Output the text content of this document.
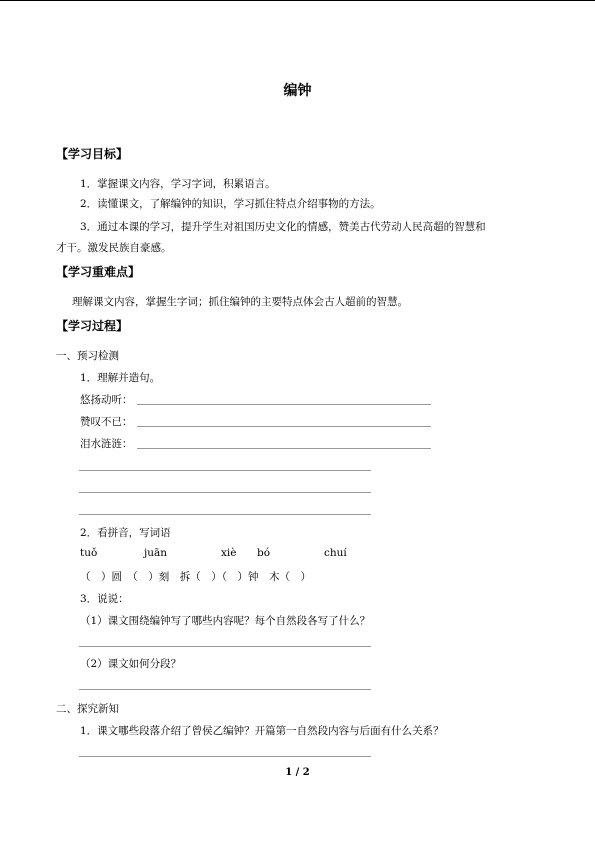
编钟
【学习目标】
1．掌握课文内容，学习字词，积累语言。
2．读懂课文，了解编钟的知识，学习抓住特点介绍事物的方法。
3．通过本课的学习，提升学生对祖国历史文化的情感，赞美古代劳动人民高超的智慧和
才干。激发民族自豪感。
【学习重难点】
理解课文内容，掌握生字词；抓住编钟的主要特点体会古人超前的智慧。
【学习过程】
一、预习检测
1．理解并造句。
悠扬动听：
赞叹不已：
泪水涟涟：
2．看拼音，写词语
tuǒ	juān	xiè bó	chuí
（　）圆　（　）刻　拆（　）（　）钟　木（　）
3．说说：
（1）课文围绕编钟写了哪些内容呢？每个自然段各写了什么？
（2）课文如何分段？
二、探究新知
1．课文哪些段落介绍了曾侯乙编钟？开篇第一自然段内容与后面有什么关系？
1 / 2
